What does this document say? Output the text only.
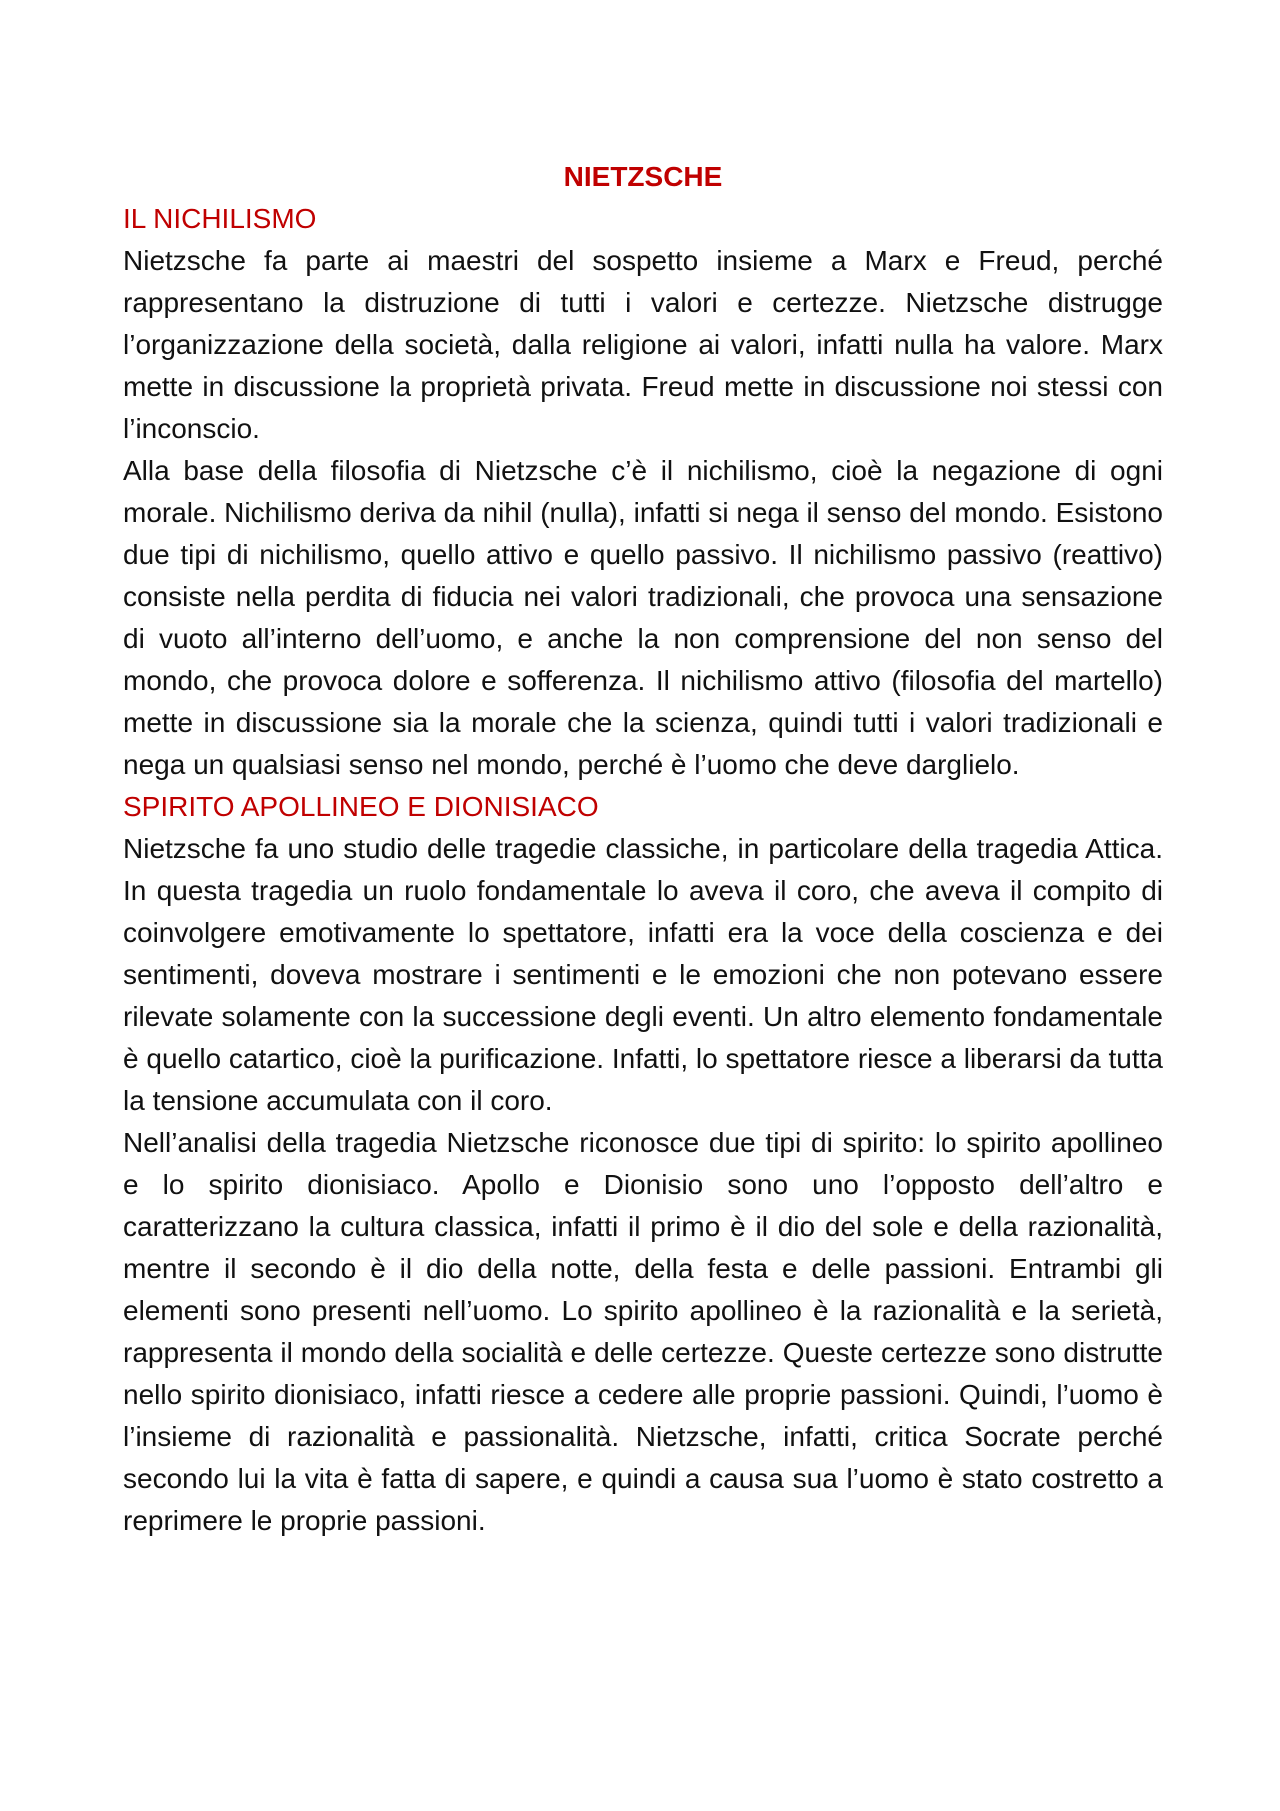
NIETZSCHE
IL NICHILISMO

Nietzsche fa parte ai maestri del sospetto insieme a Marx e Freud, perché rappresentano la distruzione di tutti i valori e certezze. Nietzsche distrugge l’organizzazione della società, dalla religione ai valori, infatti nulla ha valore. Marx mette in discussione la proprietà privata. Freud mette in discussione noi stessi con l’inconscio.

Alla base della filosofia di Nietzsche c’è il nichilismo, cioè la negazione di ogni morale. Nichilismo deriva da nihil (nulla), infatti si nega il senso del mondo. Esistono due tipi di nichilismo, quello attivo e quello passivo. Il nichilismo passivo (reattivo) consiste nella perdita di fiducia nei valori tradizionali, che provoca una sensazione di vuoto all’interno dell’uomo, e anche la non comprensione del non senso del mondo, che provoca dolore e sofferenza. Il nichilismo attivo (filosofia del martello) mette in discussione sia la morale che la scienza, quindi tutti i valori tradizionali e nega un qualsiasi senso nel mondo, perché è l’uomo che deve darglielo.

SPIRITO APOLLINEO E DIONISIACO

Nietzsche fa uno studio delle tragedie classiche, in particolare della tragedia Attica. In questa tragedia un ruolo fondamentale lo aveva il coro, che aveva il compito di coinvolgere emotivamente lo spettatore, infatti era la voce della coscienza e dei sentimenti, doveva mostrare i sentimenti e le emozioni che non potevano essere rilevate solamente con la successione degli eventi. Un altro elemento fondamentale è quello catartico, cioè la purificazione. Infatti, lo spettatore riesce a liberarsi da tutta la tensione accumulata con il coro.

Nell’analisi della tragedia Nietzsche riconosce due tipi di spirito: lo spirito apollineo e lo spirito dionisiaco. Apollo e Dionisio sono uno l’opposto dell’altro e caratterizzano la cultura classica, infatti il primo è il dio del sole e della razionalità, mentre il secondo è il dio della notte, della festa e delle passioni. Entrambi gli elementi sono presenti nell’uomo. Lo spirito apollineo è la razionalità e la serietà, rappresenta il mondo della socialità e delle certezze. Queste certezze sono distrutte nello spirito dionisiaco, infatti riesce a cedere alle proprie passioni. Quindi, l’uomo è l’insieme di razionalità e passionalità. Nietzsche, infatti, critica Socrate perché secondo lui la vita è fatta di sapere, e quindi a causa sua l’uomo è stato costretto a reprimere le proprie passioni.
